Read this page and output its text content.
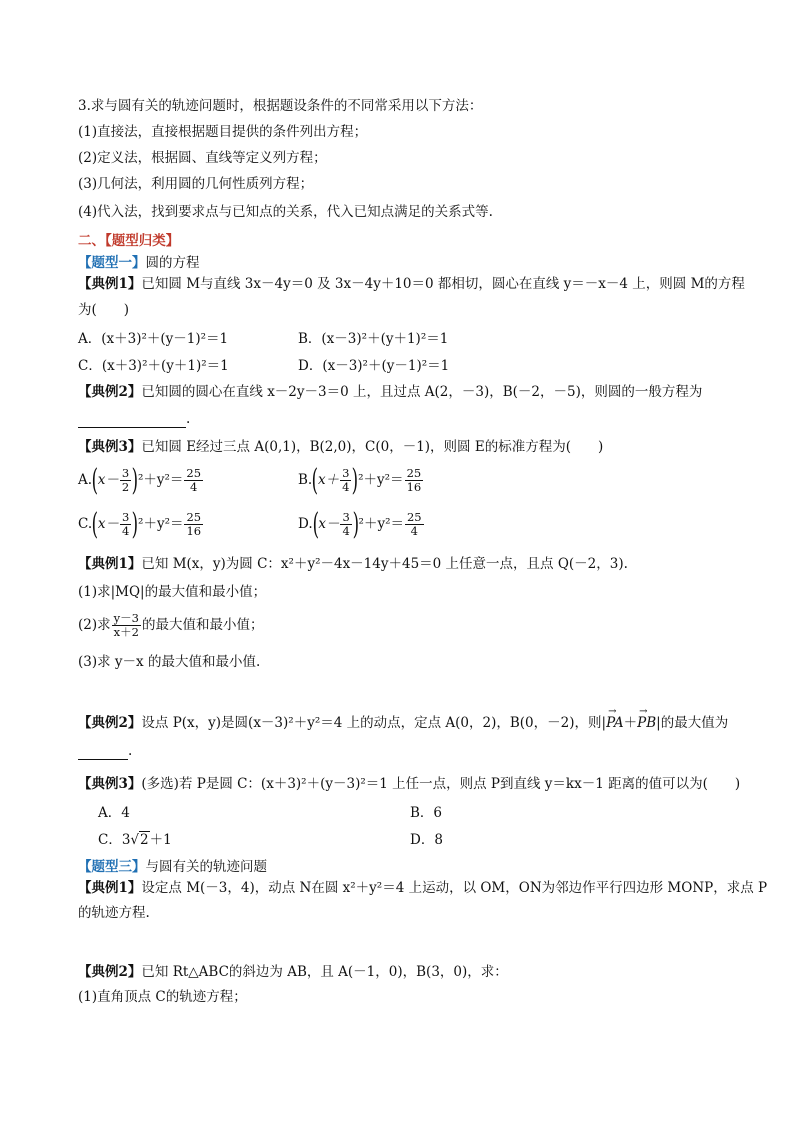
3.求与圆有关的轨迹问题时，根据题设条件的不同常采用以下方法：
(1)直接法，直接根据题目提供的条件列出方程；
(2)定义法，根据圆、直线等定义列方程；
(3)几何法，利用圆的几何性质列方程；
(4)代入法，找到要求点与已知点的关系，代入已知点满足的关系式等.
二、【题型归类】
【题型一】圆的方程
【典例1】已知圆 M与直线 3x－4y＝0 及 3x－4y＋10＝0 都相切，圆心在直线 y＝－x－4 上，则圆 M的方程
为(　　)
A．(x＋3)²＋(y－1)²＝1	B．(x－3)²＋(y＋1)²＝1
C．(x＋3)²＋(y＋1)²＝1	D．(x－3)²＋(y－1)²＝1
【典例2】已知圆的圆心在直线 x－2y－3＝0 上，且过点 A(2，－3)，B(－2，－5)，则圆的一般方程为
.
【典例3】已知圆 E经过三点 A(0,1)，B(2,0)，C(0，－1)，则圆 E的标准方程为(　　)
$A.(x- \frac{3}{2} )^2+y^2= \frac{25}{4}$	$B.(x+ \frac{3}{4} )^2+y^2= \frac{25}{16}$
$C.(x- \frac{3}{4} )^2+y^2= \frac{25}{16}$	$D.(x- \frac{3}{4} )^2+y^2= \frac{25}{4}$
【典例1】已知 M(x，y)为圆 C：x²＋y²－4x－14y＋45＝0 上任意一点，且点 Q(－2，3).
(1)求|MQ|的最大值和最小值；
(2)求 $\frac{y-3}{x+2}$ 的最大值和最小值；
(3)求 y－x 的最大值和最小值.
【典例2】设点 P(x，y)是圆(x－3)²＋y²＝4 上的动点，定点 A(0，2)，B(0，－2)，则|→ PA＋→ PB|的最大值为
.
【典例3】(多选)若 P是圆 C：(x＋3)²＋(y－3)²＝1 上任一点，则点 P到直线 y＝kx－1 距离的值可以为(　　)
A．4	B．6
C．3√2＋1	D．8
【题型三】与圆有关的轨迹问题
【典例1】设定点 M(－3，4)，动点 N在圆 x²＋y²＝4 上运动，以 OM，ON为邻边作平行四边形 MONP，求点 P
的轨迹方程.
【典例2】已知 Rt△ABC的斜边为 AB，且 A(－1，0)，B(3，0)，求：
(1)直角顶点 C的轨迹方程；
